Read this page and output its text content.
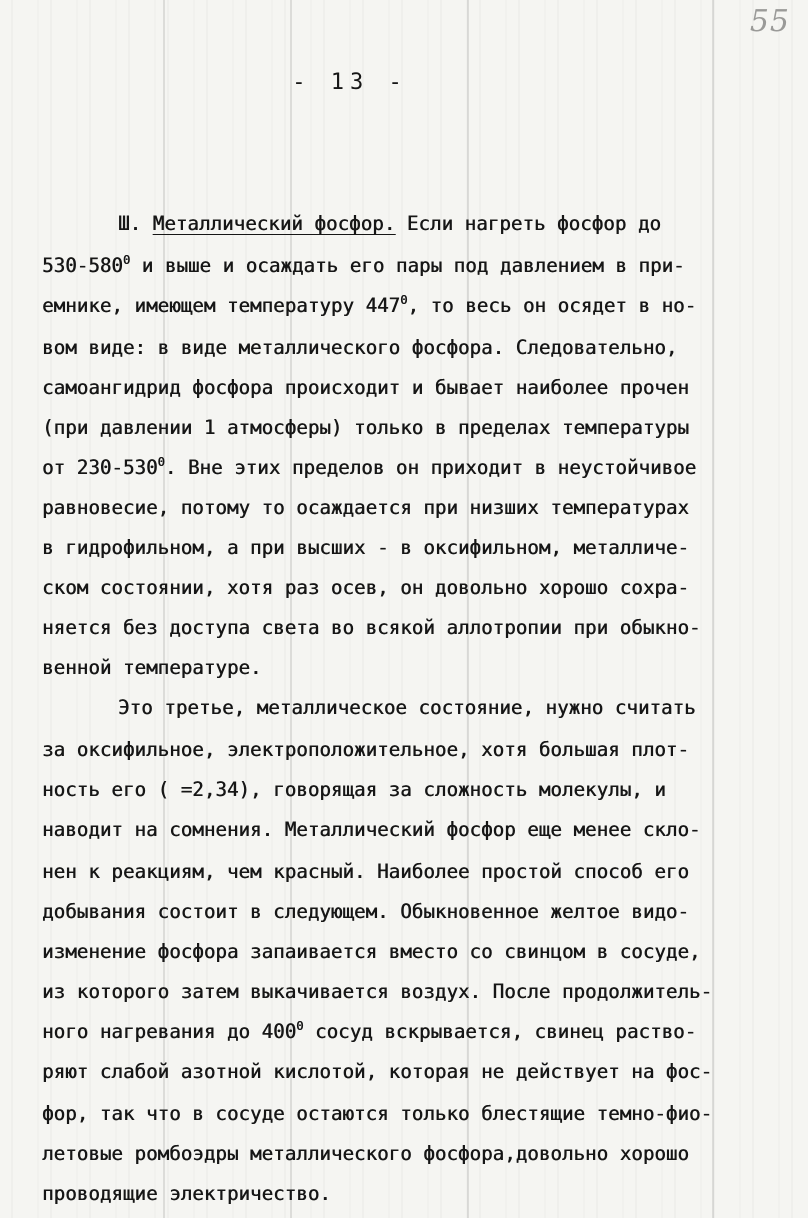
55
- 13 -
Ш. Металлический фосфор. Если нагреть фосфор до
$530-580^0$ и выше и осаждать его пары под давлением в при-
емнике, имеющем температуру $447^0$, то весь он осядет в но-
вом виде: в виде металлического фосфора. Следовательно,
самоангидрид фосфора происходит и бывает наиболее прочен
(при давлении 1 атмосферы) только в пределах температуры
от $230-530^0$. Вне этих пределов он приходит в неустойчивое
равновесие, потому то осаждается при низших температурах
в гидрофильном, а при высших - в оксифильном, металличе-
ском состоянии, хотя раз осев, он довольно хорошо сохра-
няется без доступа света во всякой аллотропии при обыкно-
венной температуре.
Это третье, металлическое состояние, нужно считать
за оксифильное, электроположительное, хотя большая плот-
ность его ( =2,34), говорящая за сложность молекулы, и
наводит на сомнения. Металлический фосфор еще менее скло-
нен к реакциям, чем красный. Наиболее простой способ его
добывания состоит в следующем. Обыкновенное желтое видо-
изменение фосфора запаивается вместо со свинцом в сосуде,
из которого затем выкачивается воздух. После продолжитель-
ного нагревания до $400^0$ сосуд вскрывается, свинец раство-
ряют слабой азотной кислотой, которая не действует на фос-
фор, так что в сосуде остаются только блестящие темно-фио-
летовые ромбоэдры металлического фосфора,довольно хорошо
проводящие электричество.
